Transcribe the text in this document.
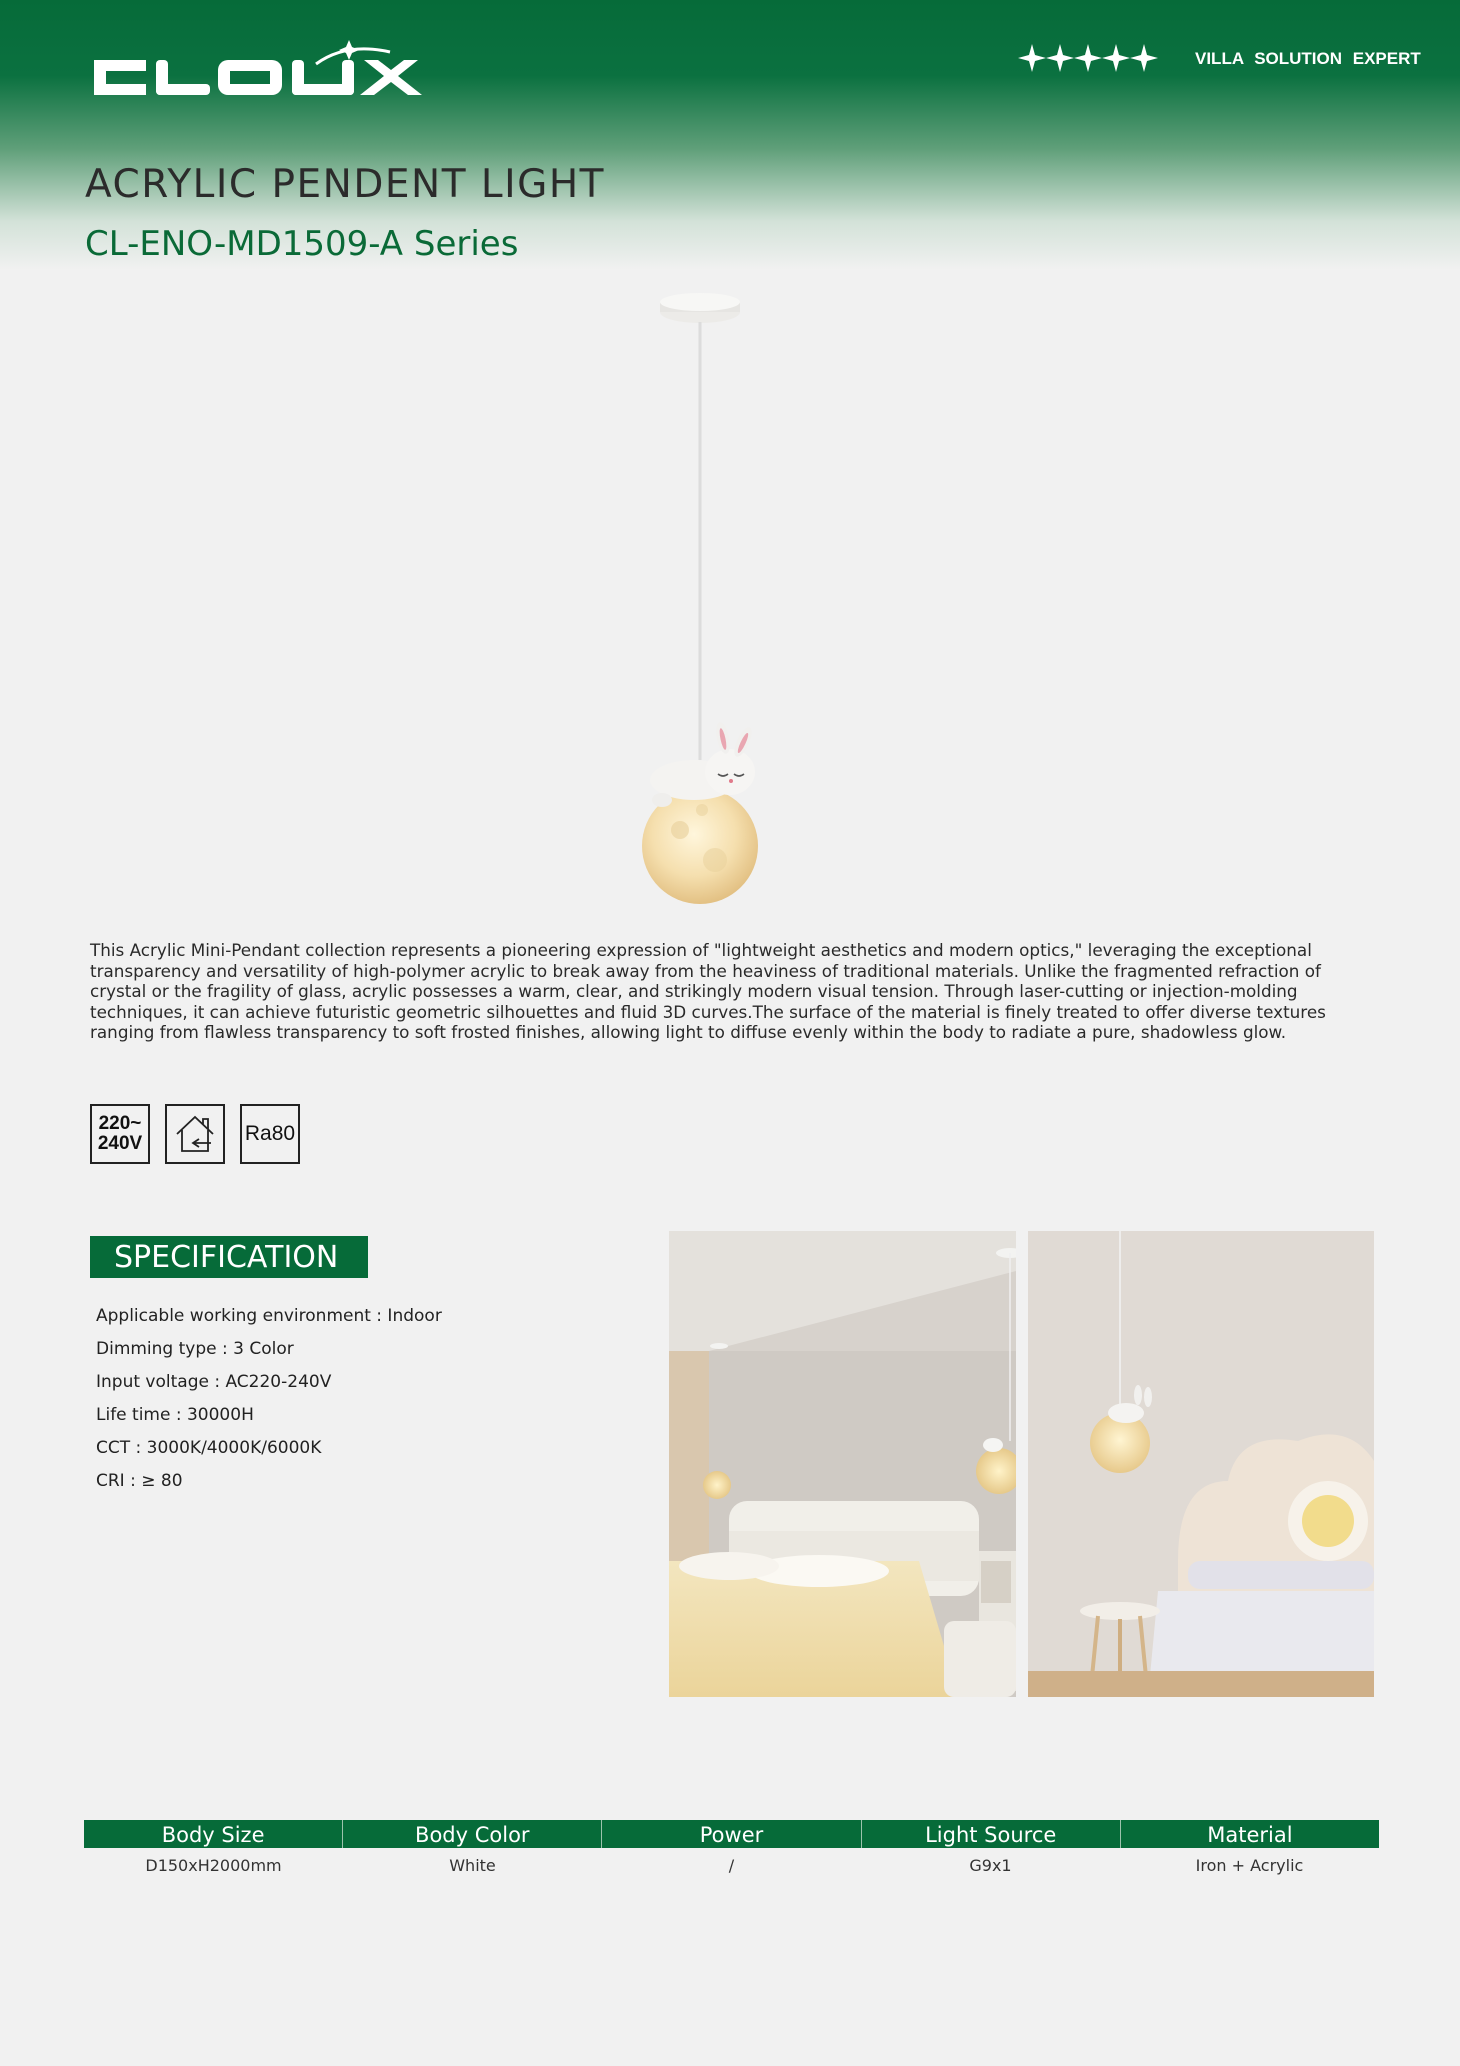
VILLA SOLUTION EXPERT
ACRYLIC PENDENT LIGHT
CL-ENO-MD1509-A Series

This Acrylic Mini-Pendant collection represents a pioneering expression of "lightweight aesthetics and modern optics," leveraging the exceptional transparency and versatility of high-polymer acrylic to break away from the heaviness of traditional materials. Unlike the fragmented refraction of crystal or the fragility of glass, acrylic possesses a warm, clear, and strikingly modern visual tension. Through laser-cutting or injection-molding techniques, it can achieve futuristic geometric silhouettes and fluid 3D curves.The surface of the material is finely treated to offer diverse textures ranging from flawless transparency to soft frosted finishes, allowing light to diffuse evenly within the body to radiate a pure, shadowless glow.

220~
240V	Ra80
SPECIFICATION
Applicable working environment : Indoor
Dimming type : 3 Color
Input voltage : AC220-240V
Life time : 30000H
CCT : 3000K/4000K/6000K
CRI : ≥ 80
Body Size	Body Color	Power	Light Source	Material
D150xH2000mm	White	/	G9x1	Iron + Acrylic
